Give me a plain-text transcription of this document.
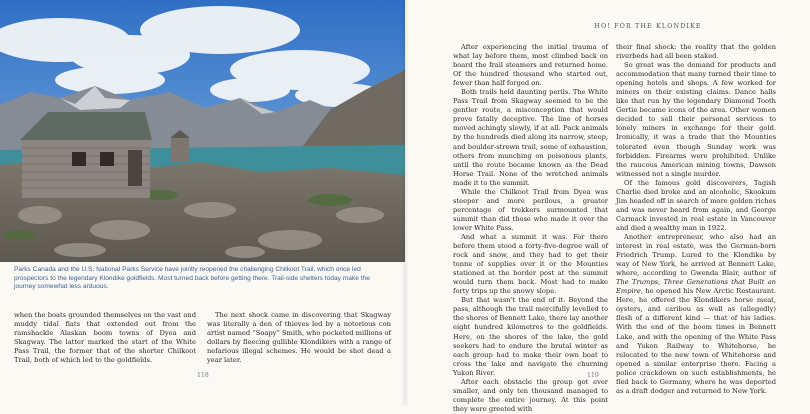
Parks Canada and the U.S. National Parks Service have jointly reopened the challenging Chilkoot Trail, which once led prospectors to the legendary Klondike goldfields. Most turned back before getting there. Trail-side shelters today make the journey somewhat less arduous.

when the boats grounded themselves on the vast and muddy tidal flats that extended out from the ramshackle Alaskan boom towns of Dyea and Skagway. The latter marked the start of the White Pass Trail, the former that of the shorter Chilkoot Trail, both of which led to the goldfields.

The next shock came in discovering that Skagway was literally a den of thieves led by a notorious con artist named “Soapy” Smith, who pocketed millions of dollars by fleecing gullible Klondikers with a range of nefarious illegal schemes. He would be shot dead a year later.

118
HO! FOR THE KLONDIKE

After experiencing the initial trauma of what lay before them, most climbed back on board the frail steamers and returned home. Of the hundred thousand who started out, fewer than half forged on.

Both trails held daunting perils. The White Pass Trail from Skagway seemed to be the gentler route, a misconception that would prove fatally deceptive. The line of horses moved achingly slowly, if at all. Pack animals by the hundreds died along its narrow, steep, and boulder-strewn trail, some of exhaustion, others from munching on poisonous plants, until the route became known as the Dead Horse Trail. None of the wretched animals made it to the summit.

While the Chilkoot Trail from Dyea was steeper and more perilous, a greater percentage of trekkers surmounted that summit than did those who made it over the lower White Pass.

And what a summit it was. For there before them stood a forty-five-degree wall of rock and snow, and they had to get their tonne of supplies over it or the Mounties stationed at the border post at the summit would turn them back. Most had to make forty trips up the snowy slope.

But that wasn't the end of it. Beyond the pass, although the trail mercifully levelled to the shores of Bennett Lake, there lay another eight hundred kilometres to the goldfields. Here, on the shores of the lake, the gold seekers had to endure the brutal winter as each group had to make their own boat to cross the lake and navigate the churning Yukon River.

After each obstacle the group got ever smaller, and only ten thousand managed to complete the entire journey. At this point they were greeted with

their final shock: the reality that the golden riverbeds had all been staked.

So great was the demand for products and accommodation that many turned their time to opening hotels and shops. A few worked for miners on their existing claims. Dance halls like that run by the legendary Diamond Tooth Gertie became icons of the area. Other women decided to sell their personal services to lonely miners in exchange for their gold. Ironically, it was a trade that the Mounties tolerated even though Sunday work was forbidden. Firearms were prohibited. Unlike the raucous American mining towns, Dawson witnessed not a single murder.

Of the famous gold discoverers, Tagish Charlie died broke and an alcoholic, Skookum Jim headed off in search of more golden riches and was never heard from again, and George Carmack invested in real estate in Vancouver and died a wealthy man in 1922.

Another entrepreneur, who also had an interest in real estate, was the German-born Friedrich Trump. Lured to the Klondike by way of New York, he arrived at Bennett Lake, where, according to Gwenda Blair, author of The Trumps, Three Generations that Built an Empire, he opened his New Arctic Restaurant. Here, he offered the Klondikers horse meat, oysters, and caribou as well as (allegedly) flesh of a different kind — that of his ladies. With the end of the boom times in Bennett Lake, and with the opening of the White Pass and Yukon Railway to Whitehorse, he relocated to the new town of Whitehorse and opened a similar enterprise there. Facing a police crackdown on such establishments, he fled back to Germany, where he was deported as a draft dodger and returned to New York.

119
